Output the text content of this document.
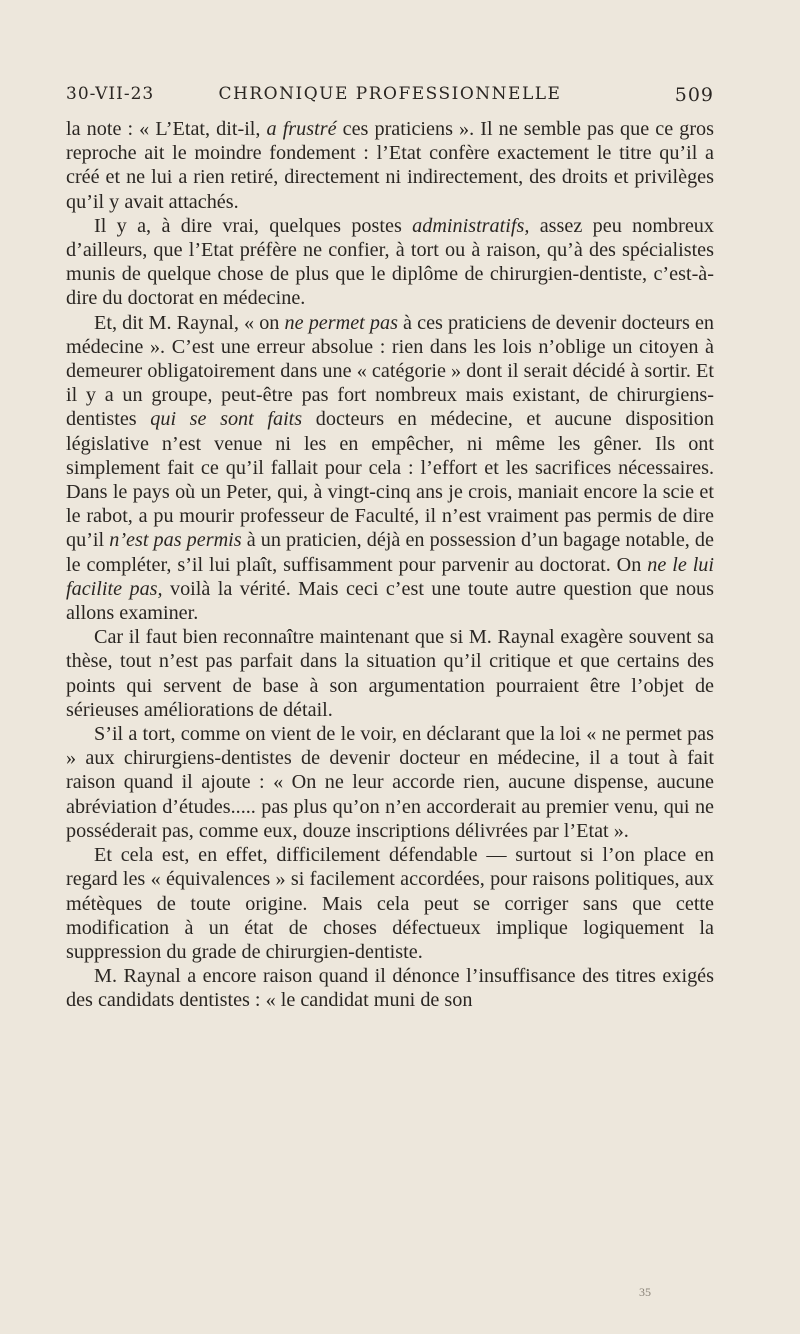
30-VII-23	CHRONIQUE PROFESSIONNELLE	509

la note : « L’Etat, dit-il, a frustré ces praticiens ». Il ne semble pas que ce gros reproche ait le moindre fondement : l’Etat confère exactement le titre qu’il a créé et ne lui a rien retiré, directement ni indirectement, des droits et privilèges qu’il y avait attachés.

Il y a, à dire vrai, quelques postes administratifs, assez peu nombreux d’ailleurs, que l’Etat préfère ne confier, à tort ou à raison, qu’à des spécialistes munis de quelque chose de plus que le diplôme de chirurgien-dentiste, c’est-à-dire du doctorat en médecine.

Et, dit M. Raynal, « on ne permet pas à ces praticiens de devenir docteurs en médecine ». C’est une erreur absolue : rien dans les lois n’oblige un citoyen à demeurer obligatoirement dans une « catégorie » dont il serait décidé à sortir. Et il y a un groupe, peut-être pas fort nombreux mais existant, de chirurgiens-dentistes qui se sont faits docteurs en médecine, et aucune disposition législative n’est venue ni les en empêcher, ni même les gêner. Ils ont simplement fait ce qu’il fallait pour cela : l’effort et les sacrifices nécessaires. Dans le pays où un Peter, qui, à vingt-cinq ans je crois, maniait encore la scie et le rabot, a pu mourir professeur de Faculté, il n’est vraiment pas permis de dire qu’il n’est pas permis à un praticien, déjà en possession d’un bagage notable, de le compléter, s’il lui plaît, suffisamment pour parvenir au doctorat. On ne le lui facilite pas, voilà la vérité. Mais ceci c’est une toute autre question que nous allons examiner.

Car il faut bien reconnaître maintenant que si M. Raynal exagère souvent sa thèse, tout n’est pas parfait dans la situation qu’il critique et que certains des points qui servent de base à son argumentation pourraient être l’objet de sérieuses améliorations de détail.

S’il a tort, comme on vient de le voir, en déclarant que la loi « ne permet pas » aux chirurgiens-dentistes de devenir docteur en médecine, il a tout à fait raison quand il ajoute : « On ne leur accorde rien, aucune dispense, aucune abréviation d’études..... pas plus qu’on n’en accorderait au premier venu, qui ne posséderait pas, comme eux, douze inscriptions délivrées par l’Etat ».

Et cela est, en effet, difficilement défendable — surtout si l’on place en regard les « équivalences » si facilement accordées, pour raisons politiques, aux métèques de toute origine. Mais cela peut se corriger sans que cette modification à un état de choses défectueux implique logiquement la suppression du grade de chirurgien-dentiste.

M. Raynal a encore raison quand il dénonce l’insuffisance des titres exigés des candidats dentistes : « le candidat muni de son

35
